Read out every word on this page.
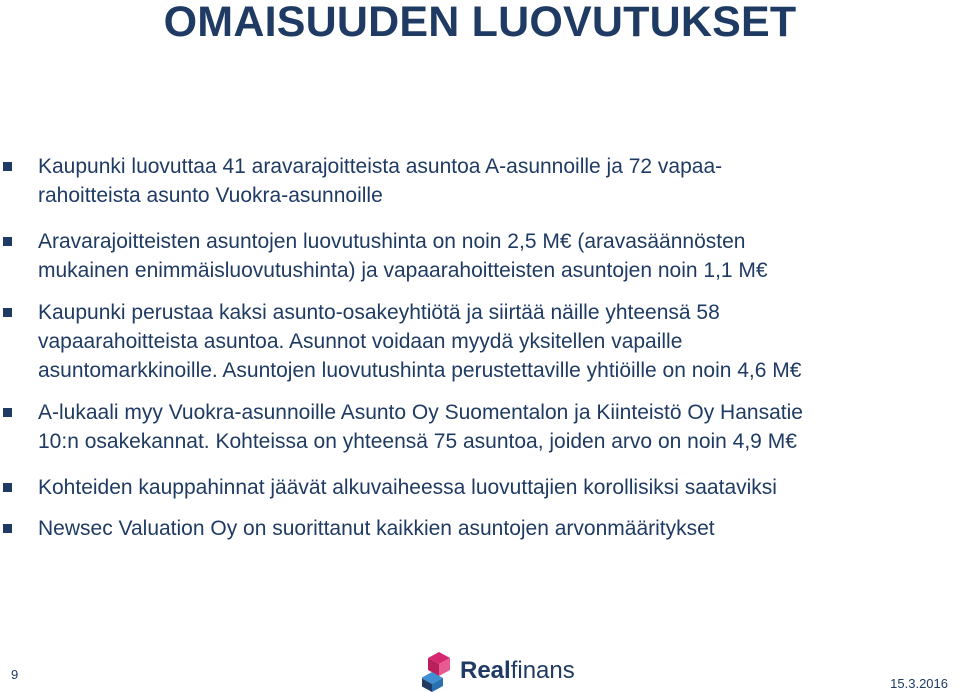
OMAISUUDEN LUOVUTUKSET
Kaupunki luovuttaa 41 aravarajoitteista asuntoa A-asunnoille ja 72 vapaa-
rahoitteista asunto Vuokra-asunnoille
Aravarajoitteisten asuntojen luovutushinta on noin 2,5 M€ (aravasäännösten
mukainen enimmäisluovutushinta) ja vapaarahoitteisten asuntojen noin 1,1 M€
Kaupunki perustaa kaksi asunto-osakeyhtiötä ja siirtää näille yhteensä 58
vapaarahoitteista asuntoa. Asunnot voidaan myydä yksitellen vapaille
asuntomarkkinoille. Asuntojen luovutushinta perustettaville yhtiöille on noin 4,6 M€
A-lukaali myy Vuokra-asunnoille Asunto Oy Suomentalon ja Kiinteistö Oy Hansatie
10:n osakekannat. Kohteissa on yhteensä 75 asuntoa, joiden arvo on noin 4,9 M€
Kohteiden kauppahinnat jäävät alkuvaiheessa luovuttajien korollisiksi saataviksi
Newsec Valuation Oy on suorittanut kaikkien asuntojen arvonmääritykset
9	Realfinans	15.3.2016
